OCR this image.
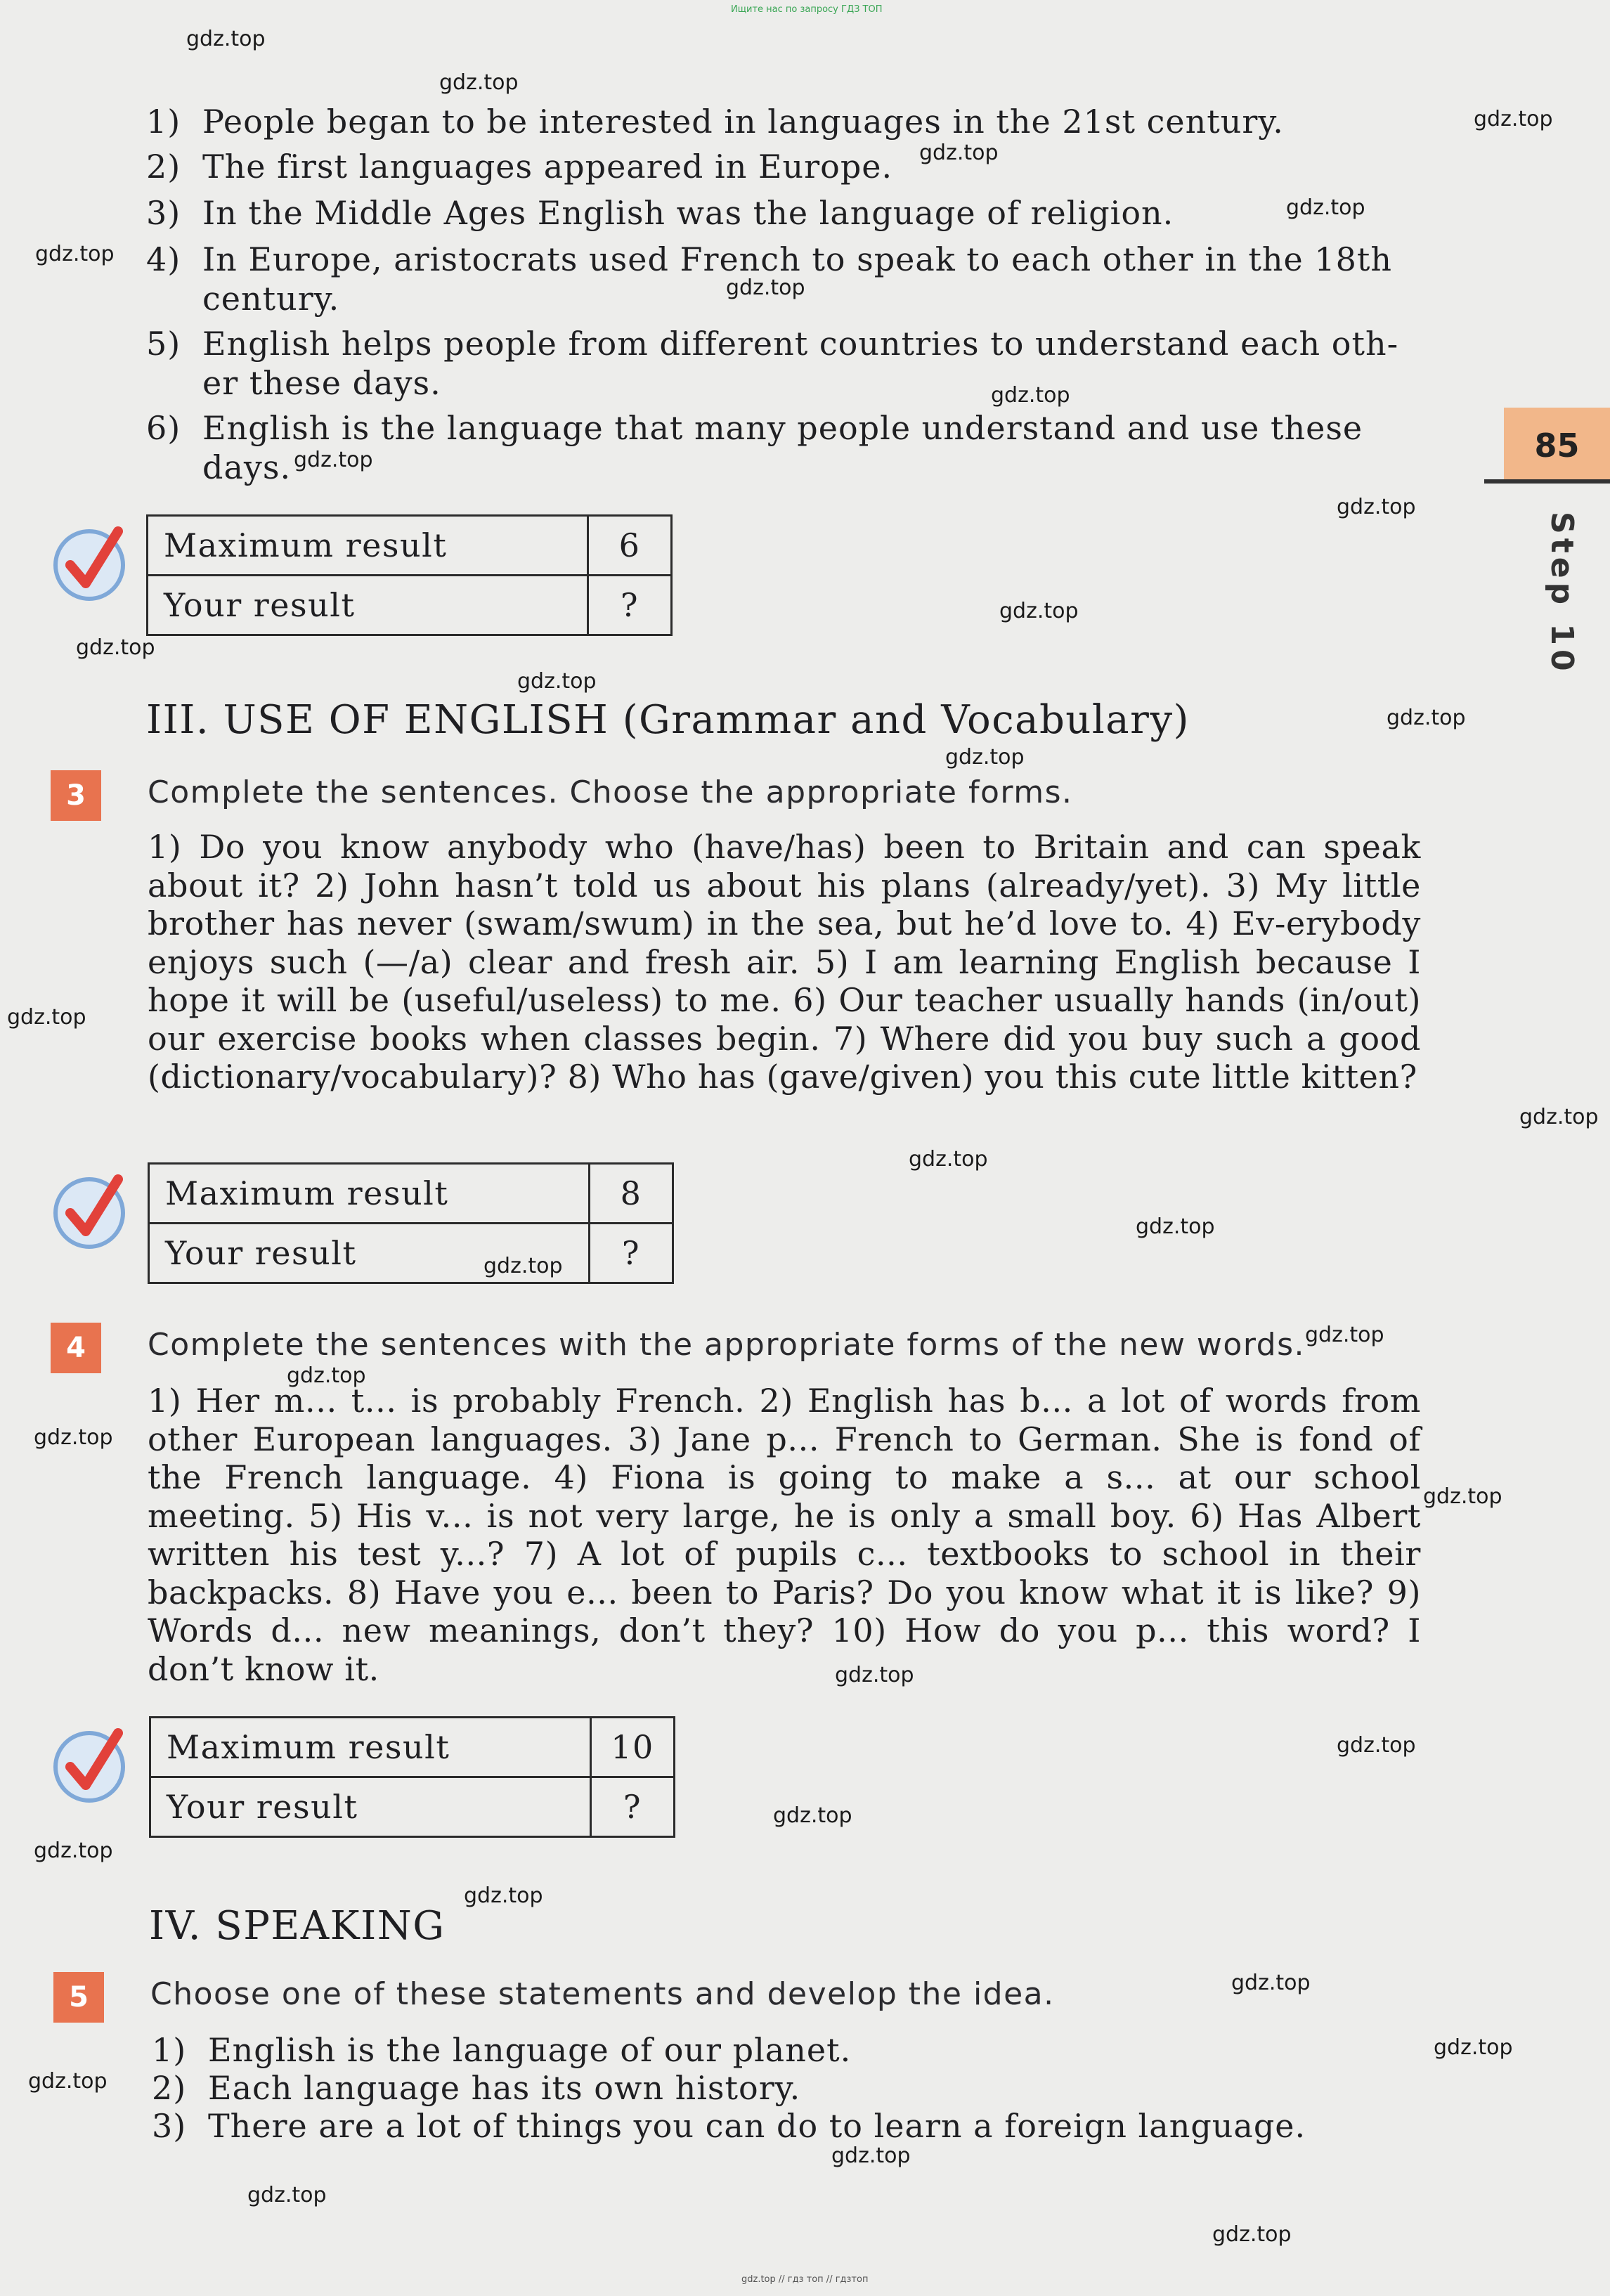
Ищите нас по запросу ГДЗ ТОП
gdz.top // гдз топ // гдзтоп
85
Step 10
1) People began to be interested in languages in the 21st century.
2) The first languages appeared in Europe.
3) In the Middle Ages English was the language of religion.
4) In Europe, aristocrats used French to speak to each other in the 18th
century.
5) English helps people from different countries to understand each oth-
er these days.
6) English is the language that many people understand and use these
days.
Maximum result	6
Your result	?
III. USE OF ENGLISH (Grammar and Vocabulary)
3	Complete the sentences. Choose the appropriate forms.
1) Do you know anybody who (have/has) been to Britain and can speak about it? 2) John hasn’t told us about his plans (already/yet). 3) My little brother has never (swam/swum) in the sea, but he’d love to. 4) Ev-erybody enjoys such (—/a) clear and fresh air. 5) I am learning English because I hope it will be (useful/useless) to me. 6) Our teacher usually hands (in/out) our exercise books when classes begin. 7) Where did you buy such a good (dictionary/vocabulary)? 8) Who has (gave/given) you this cute little kitten?
Maximum result	8
Your result	?
4	Complete the sentences with the appropriate forms of the new words.
1) Her m... t... is probably French. 2) English has b... a lot of words from other European languages. 3) Jane p... French to German. She is fond of the French language. 4) Fiona is going to make a s... at our school meeting. 5) His v... is not very large, he is only a small boy. 6) Has Albert written his test y...? 7) A lot of pupils c... textbooks to school in their backpacks. 8) Have you e... been to Paris? Do you know what it is like? 9) Words d... new meanings, don’t they? 10) How do you p... this word? I don’t know it.
Maximum result	10
Your result	?
IV. SPEAKING
5	Choose one of these statements and develop the idea.
1) English is the language of our planet.
2) Each language has its own history.
3) There are a lot of things you can do to learn a foreign language.
gdz.top
gdz.top
gdz.top
gdz.top
gdz.top
gdz.top
gdz.top
gdz.top
gdz.top
gdz.top
gdz.top
gdz.top
gdz.top
gdz.top
gdz.top
gdz.top
gdz.top
gdz.top
gdz.top
gdz.top
gdz.top
gdz.top
gdz.top
gdz.top
gdz.top
gdz.top
gdz.top
gdz.top
gdz.top
gdz.top
gdz.top
gdz.top
gdz.top
gdz.top
gdz.top
